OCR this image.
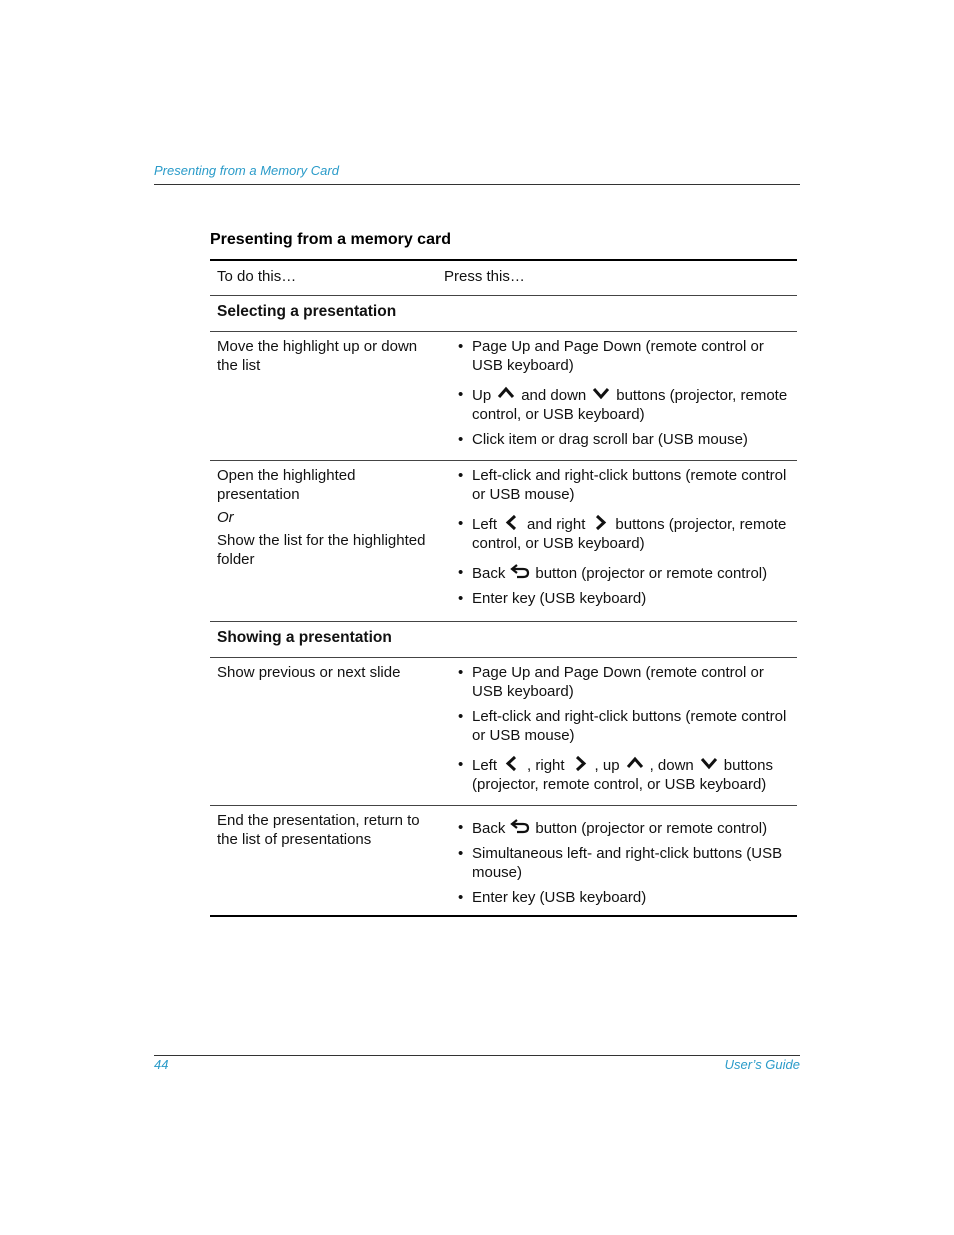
Presenting from a Memory Card
Presenting from a memory card
To do this…	Press this…
Selecting a presentation
Move the highlight up or down the list
• Page Up and Page Down (remote control or USB keyboard)
• Up and down buttons (projector, remote control, or USB keyboard)
• Click item or drag scroll bar (USB mouse)
Open the highlighted presentation
Or
Show the list for the highlighted folder
• Left-click and right-click buttons (remote control or USB mouse)
• Left and right buttons (projector, remote control, or USB keyboard)
• Back button (projector or remote control)
• Enter key (USB keyboard)
Showing a presentation
Show previous or next slide
•	Page Up and Page Down (remote control or USB keyboard)
• Left-click and right-click buttons (remote control or USB mouse)
• Left , right , up , down buttons (projector, remote control, or USB keyboard)
End the presentation, return to the list of presentations
• Back button (projector or remote control)
• Simultaneous left- and right-click buttons (USB mouse)
• Enter key (USB keyboard)
44	User’s Guide
